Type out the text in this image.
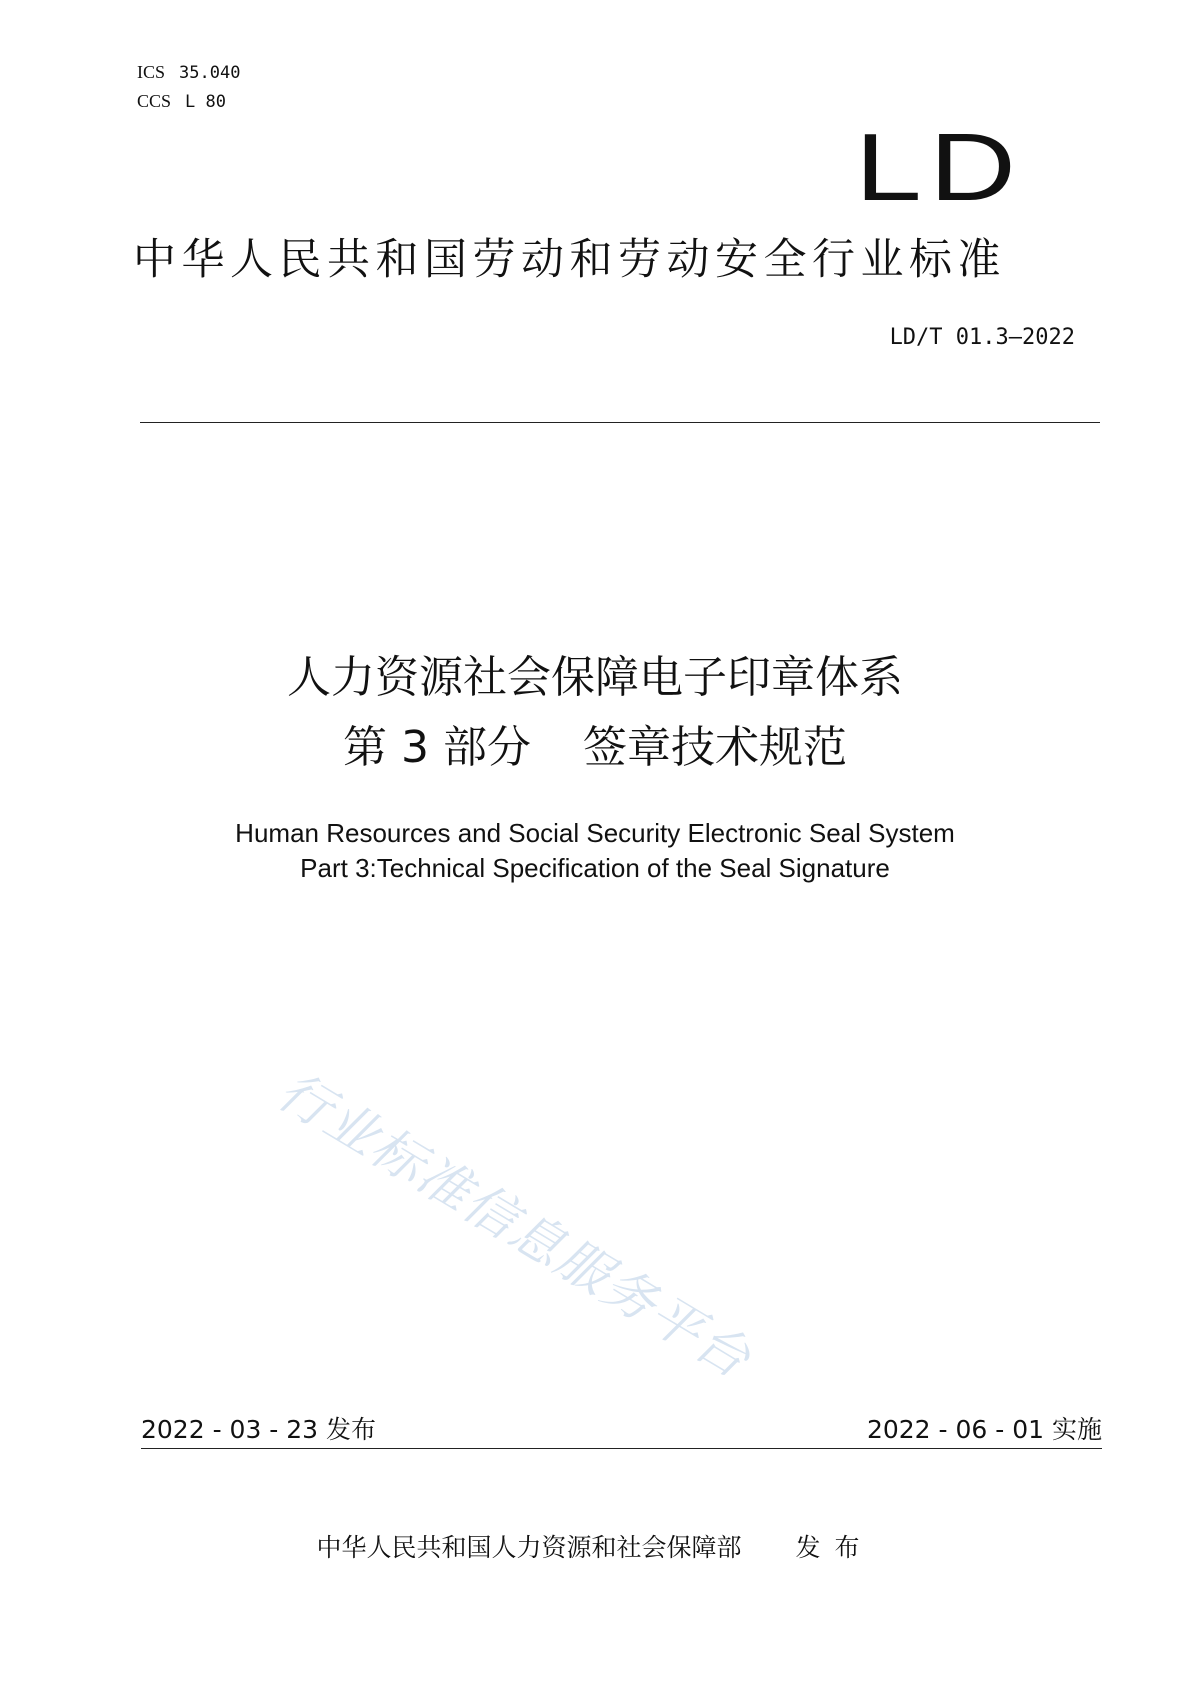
ICS 35.040
CCS L 80
LD
中华人民共和国劳动和劳动安全行业标准
LD/T 01.3—2022
人力资源社会保障电子印章体系
第 3 部分 签章技术规范
Human Resources and Social Security Electronic Seal System
Part 3:Technical Specification of the Seal Signature
行业标准信息服务平台
2022 - 03 - 23 发布	2022 - 06 - 01 实施
中华人民共和国人力资源和社会保障部 发布
